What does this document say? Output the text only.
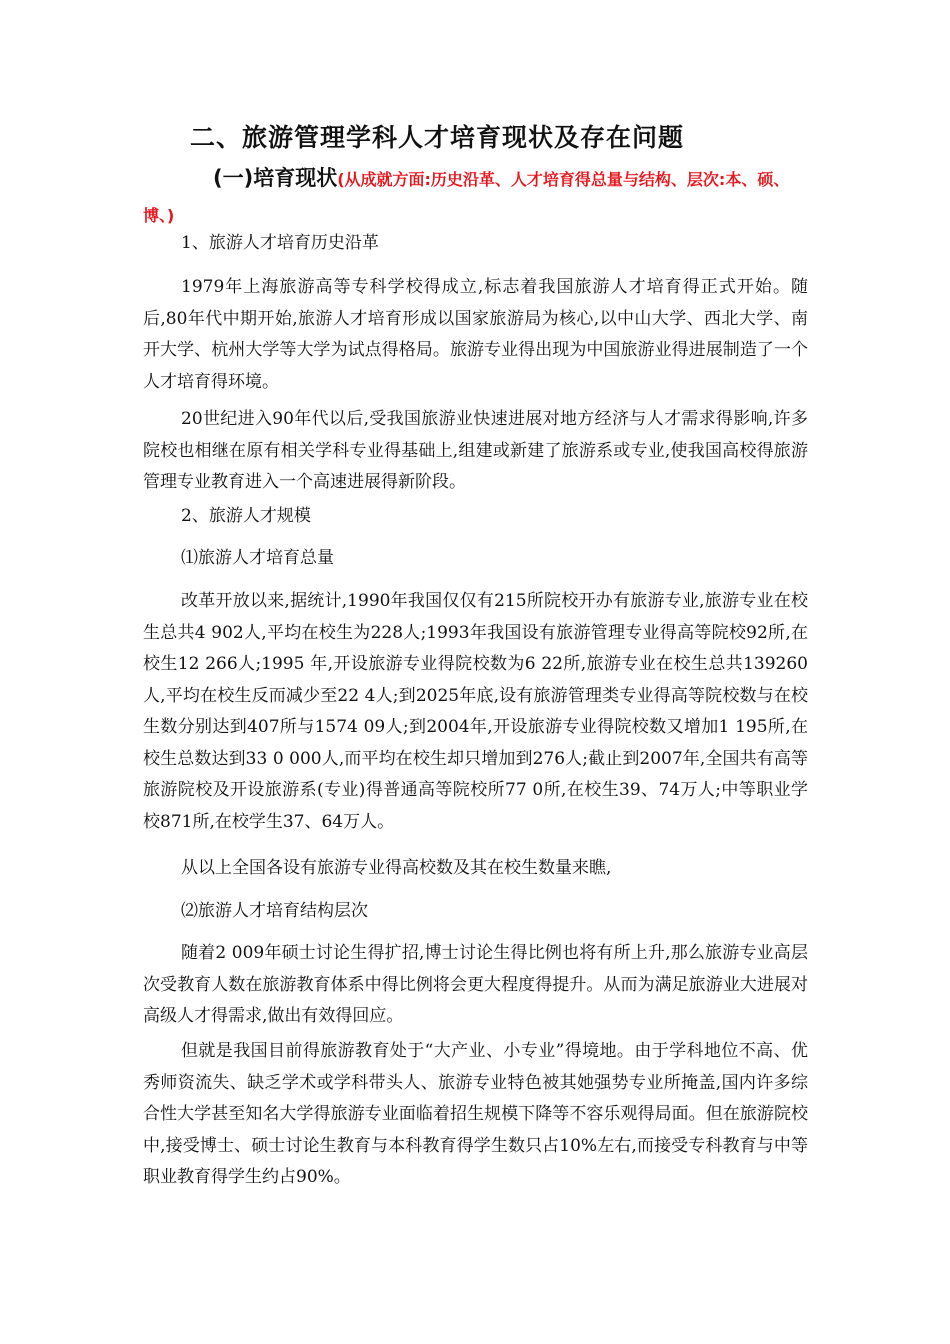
二、旅游管理学科人才培育现状及存在问题

(一)培育现状(从成就方面:历史沿革、人才培育得总量与结构、层次:本、硕、博、)

1、旅游人才培育历史沿革

1979年上海旅游高等专科学校得成立,标志着我国旅游人才培育得正式开始。随后,80年代中期开始,旅游人才培育形成以国家旅游局为核心,以中山大学、西北大学、南开大学、杭州大学等大学为试点得格局。旅游专业得出现为中国旅游业得进展制造了一个人才培育得环境。

20世纪进入90年代以后,受我国旅游业快速进展对地方经济与人才需求得影响,许多院校也相继在原有相关学科专业得基础上,组建或新建了旅游系或专业,使我国高校得旅游管理专业教育进入一个高速进展得新阶段。

2、旅游人才规模

⑴旅游人才培育总量

改革开放以来,据统计,1990年我国仅仅有215所院校开办有旅游专业,旅游专业在校生总共4 902人,平均在校生为228人;1993年我国设有旅游管理专业得高等院校92所,在校生12 266人;1995 年,开设旅游专业得院校数为6 22所,旅游专业在校生总共139260人,平均在校生反而减少至22 4人;到2025年底,设有旅游管理类专业得高等院校数与在校生数分别达到407所与1574 09人;到2004年,开设旅游专业得院校数又增加1 195所,在校生总数达到33 0 000人,而平均在校生却只增加到276人;截止到2007年,全国共有高等旅游院校及开设旅游系(专业)得普通高等院校所77 0所,在校生39、74万人;中等职业学校871所,在校学生37、64万人。

从以上全国各设有旅游专业得高校数及其在校生数量来瞧,

⑵旅游人才培育结构层次

随着2 009年硕士讨论生得扩招,博士讨论生得比例也将有所上升,那么旅游专业高层次受教育人数在旅游教育体系中得比例将会更大程度得提升。从而为满足旅游业大进展对高级人才得需求,做出有效得回应。

但就是我国目前得旅游教育处于“大产业、小专业”得境地。由于学科地位不高、优秀师资流失、缺乏学术或学科带头人、旅游专业特色被其她强势专业所掩盖,国内许多综合性大学甚至知名大学得旅游专业面临着招生规模下降等不容乐观得局面。但在旅游院校中,接受博士、硕士讨论生教育与本科教育得学生数只占10%左右,而接受专科教育与中等职业教育得学生约占90%。
